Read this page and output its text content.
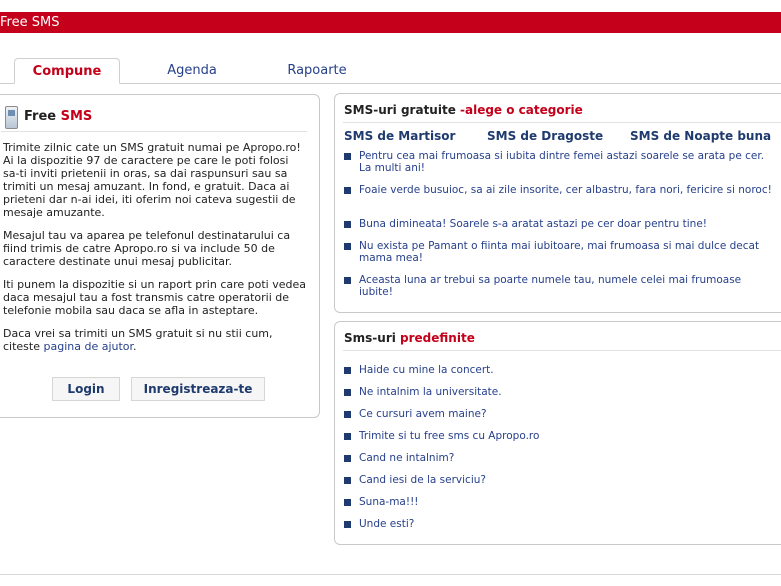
Free SMS
Compune	Agenda	Rapoarte
Free SMS

Trimite zilnic cate un SMS gratuit numai pe Apropo.ro! Ai la dispozitie 97 de caractere pe care le poti folosi sa-ti inviti prietenii in oras, sa dai raspunsuri sau sa trimiti un mesaj amuzant. In fond, e gratuit. Daca ai prieteni dar n-ai idei, iti oferim noi cateva sugestii de mesaje amuzante.

Mesajul tau va aparea pe telefonul destinatarului ca fiind trimis de catre Apropo.ro si va include 50 de caractere destinate unui mesaj publicitar.

Iti punem la dispozitie si un raport prin care poti vedea daca mesajul tau a fost transmis catre operatorii de telefonie mobila sau daca se afla in asteptare.

Daca vrei sa trimiti un SMS gratuit si nu stii cum, citeste pagina de ajutor.

Login	Inregistreaza-te
SMS-uri gratuite -alege o categorie
SMS de Martisor	SMS de Dragoste SMS de Noapte buna
Pentru cea mai frumoasa si iubita dintre femei astazi soarele se arata pe cer. La multi ani!
Foaie verde busuioc, sa ai zile insorite, cer albastru, fara nori, fericire si noroc!
Buna dimineata! Soarele s-a aratat astazi pe cer doar pentru tine!
Nu exista pe Pamant o fiinta mai iubitoare, mai frumoasa si mai dulce decat mama mea!
Aceasta luna ar trebui sa poarte numele tau, numele celei mai frumoase iubite!
Sms-uri predefinite
Haide cu mine la concert.
Ne intalnim la universitate.
Ce cursuri avem maine?
Trimite si tu free sms cu Apropo.ro
Cand ne intalnim?
Cand iesi de la serviciu?
Suna-ma!!!
Unde esti?
